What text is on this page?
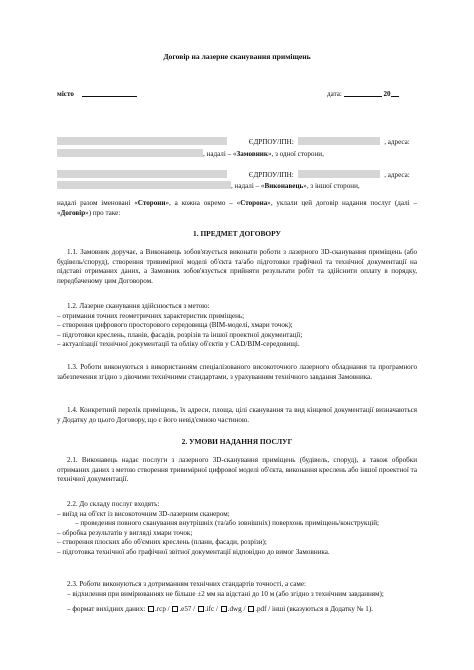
Договір на лазерне сканування приміщень
місто	дата:	20
ЄДРПОУ/ІПН:	, адреса:
, надалі – «Замовник», з одної сторони,
ЄДРПОУ/ІПН:	, адреса:
, надалі – «Виконавець», з іншої сторони,

надалі разом іменовані «Сторони», а кожна окремо – «Сторона», уклали цей договір надання послуг (далі – «Договір») про таке:

1. ПРЕДМЕТ ДОГОВОРУ
1.1. Замовник доручає, а Виконавець зобов'язується виконати роботи з лазерного 3D-сканування приміщень (або будівель/споруд), створення тривимірної моделі об'єкта та/або підготовки графічної та технічної документації на підставі отриманих даних, а Замовник зобов'язується прийняти результати робіт та здійснити оплату в порядку, передбаченому цим Договором.

1.2. Лазерне сканування здійснюється з метою:

– отримання точних геометричних характеристик приміщень;

– створення цифрового просторового середовища (BIM-моделі, хмари точок);

– підготовки креслень, планів, фасадів, розрізів та іншої проектної документації;

– актуалізації технічної документації та обліку об'єктів у CAD/BIM-середовищі.

1.3. Роботи виконуються з використанням спеціалізованого високоточного лазерного обладнання та програмного забезпечення згідно з діючими технічними стандартами, з урахуванням технічного завдання Замовника.
1.4. Конкретний перелік приміщень, їх адреси, площа, цілі сканування та вид кінцевої документації визначаються у Додатку до цього Договору, що є його невід'ємною частиною.
2. УМОВИ НАДАННЯ ПОСЛУГ
2.1. Виконавець надає послуги з лазерного 3D-сканування приміщень (будівель, споруд), а також обробки отриманих даних з метою створення тривимірної цифрової моделі об'єкта, виконання креслень або іншої проектної та технічної документації.

2.2. До складу послуг входять:

– виїзд на об'єкт із високоточним 3D-лазерним сканером;

– проведення повного сканування внутрішніх (та/або зовнішніх) поверхонь приміщень/конструкцій;

– обробка результатів у вигляді хмари точок;

– створення плоских або об'ємних креслень (плани, фасади, розрізи);

– підготовка технічної або графічної звітної документації відповідно до вимог Замовника.

2.3. Роботи виконуються з дотриманням технічних стандартів точності, а саме:

– відхилення при вимірюваннях не більше ±2 мм на відстані до 10 м (або згідно з технічним завданням);

– формат вихідних даних: .rcp / .e57 / .ifc / .dwg / .pdf / інші (вказуються в Додатку № 1).
